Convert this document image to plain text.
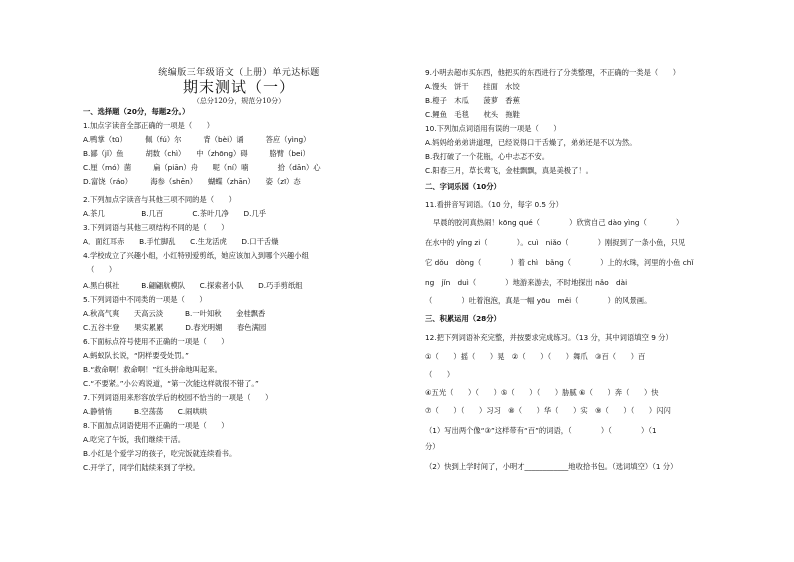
统编版三年级语文（上册）单元达标题
期末测试（一）
（总分120分，规范分10分）
一、选择题（20分，每题2分。）
1.加点字读音全部正确的一项是（　　）
A.鸭掌（tū）　　　佩（fú）尔　　　背（bèi）诵　　　答应（yìng）
B.鄙（jǐ）鱼　　　胡数（chì）　　中（zhōng）碍　　　胳臂（bei）
C.厘（mó）菌　　　扁（piān）舟　　呢（ní）喃　　　　拾（dān）心
D.富饶（ráo）　　　海参（shēn）　　蝴蝶（zhān）　　姿（zī）态
2.下列加点字读音与其他三项不同的是（　　）
A.茶几　　　　　B.几百　　　　C.茶叶几净　　D.几乎
3.下列词语与其他三项结构不同的是（　　）
A．面红耳赤　　B.手忙脚乱　　C.生龙活虎　　D.口干舌燥
4.学校成立了兴趣小组，小红特别爱剪纸，她应该加入到哪个兴趣小组
（　　）
A.黑白棋社　　　B.翩翩航模队　　C.探索者小队　　D.巧手剪纸组
5.下列词语中不同类的一项是（　　）
A.秋高气爽　　天高云淡　　　B.一叶知秋　　金桂飘香
C.五谷丰登　　果实累累　　　D.春光明媚　　春色满园
6.下面标点符号使用不正确的一项是（　　）
A.蚂蚁队长说，“阴样要受处罚。”
B.“救命啊！救命啊！”红头拼命地叫起来。
C.“不要紧。”小公鸡说道，“第一次能这样就很不错了。”
7.下列词语用来形容放学后的校园不恰当的一项是（　　）
A.静悄悄　　　B.空荡荡　　C.闹哄哄
8.下面加点词语使用不正确的一项是（　　）
A.吃完了午饭，我们继续干活。
B.小红是个爱学习的孩子，吃完饭就连续看书。
C.开学了，同学们陆续来到了学校。
9.小明去超市买东西，他把买的东西进行了分类整理，不正确的一类是（　　）
A.馒头　饼干　　挂面　水饺
B.橙子　木瓜　　菠萝　香蕉
C.鲤鱼　毛毯　　枕头　拖鞋
10.下列加点词语用有误的一项是（　　）
A.妈妈给弟弟讲道理，已经说得口干舌燥了，弟弟还是不以为然。
B.我打破了一个花瓶，心中忐忑不安。
C.阳春三月，草长莺飞，金桂飘飘，真是美极了！。
二、字词乐园（10分）
11.看拼音写词语。（10 分，每字 0.5 分）
早晨的胶河真热闹！kōng qué（　　　　）欣赏自己 dào yìng（　　　　）
在水中的 yǐng zi（　　　　）。cuì　niǎo（　　　　）刚捉到了一条小鱼，只见
它 dǒu　dòng（　　　　）着 chì　bǎng（　　　　）上的水珠，河里的小鱼 chǐ
ng　jǐn　duì（　　　　）地游来游去，不时地探出 nǎo　dài
（　　　　）吐着泡泡，真是一幅 yōu　měi（　　　　）的风景画。
三、积累运用（28分）
12.把下列词语补充完整，并按要求完成练习。（13 分，其中词语填空 9 分）
①（　　）摇（　　）晃　②（　　）（　　）舞爪　③百（　　）百
（　　）
④五光（　　）（　　）⑤（　　）（　　）胁腻 ⑥（　　）奔（　　）快
⑦（　　）（　　）习习　⑧（　　）华（　　）实　⑨（　　）（　　）闪闪
（1）写出两个像“③”这样带有“百”的词语，（　　　　）（　　　　）（1
分）
（2）快到上学时间了，小明才____________地收拾书包。（选词填空）（1 分）
